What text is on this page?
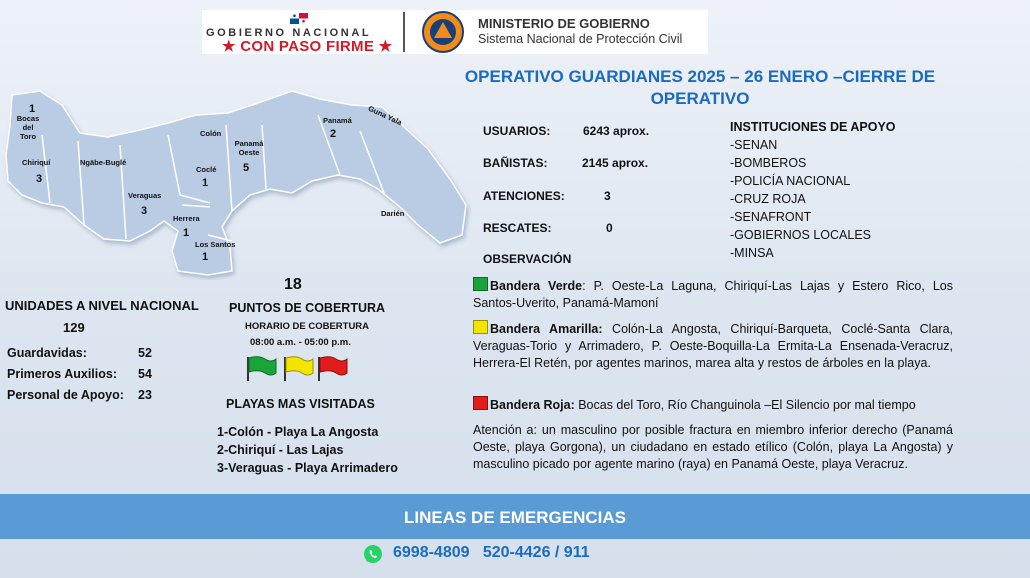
GOBIERNO NACIONAL
★ CON PASO FIRME ★
MINISTERIO DE GOBIERNO
Sistema Nacional de Protección Civil
OPERATIVO GUARDIANES 2025 – 26 ENERO –CIERRE DE
OPERATIVO
Bocas del Toro
1
Chiriquí
3
Ngäbe-Buglé
Veraguas
3
Colón
Coclé
1
Panamá Oeste
5
Panamá
2
Guna Yala
Darién
Herrera
1
Los Santos
1
USUARIOS:	6243 aprox.
BAÑISTAS:	2145 aprox.
ATENCIONES:	3
RESCATES:	0
OBSERVACIÓN
INSTITUCIONES DE APOYO
-SENAN
-BOMBEROS
-POLICÍA NACIONAL
-CRUZ ROJA
-SENAFRONT
-GOBIERNOS LOCALES
-MINSA
UNIDADES A NIVEL NACIONAL
129
Guardavidas:	52
Primeros Auxilios: 54
Personal de Apoyo: 23
18
PUNTOS DE COBERTURA
HORARIO DE COBERTURA
08:00 a.m. - 05:00 p.m.
PLAYAS MAS VISITADAS
1-Colón - Playa La Angosta
2-Chiriquí - Las Lajas
3-Veraguas - Playa Arrimadero
Bandera Verde: P. Oeste-La Laguna, Chiriquí-Las Lajas y Estero Rico, Los Santos-Uverito, Panamá-Mamoní
Bandera Amarilla: Colón-La Angosta, Chiriquí-Barqueta, Coclé-Santa Clara, Veraguas-Torio y Arrimadero, P. Oeste-Boquilla-La Ermita-La Ensenada-Veracruz, Herrera-El Retén, por agentes marinos, marea alta y restos de árboles en la playa.
Bandera Roja: Bocas del Toro, Río Changuinola –El Silencio por mal tiempo
Atención a: un masculino por posible fractura en miembro inferior derecho (Panamá Oeste, playa Gorgona), un ciudadano en estado etílico (Colón, playa La Angosta) y masculino picado por agente marino (raya) en Panamá Oeste, playa Veracruz.
LINEAS DE EMERGENCIAS
6998-4809   520-4426 / 911
